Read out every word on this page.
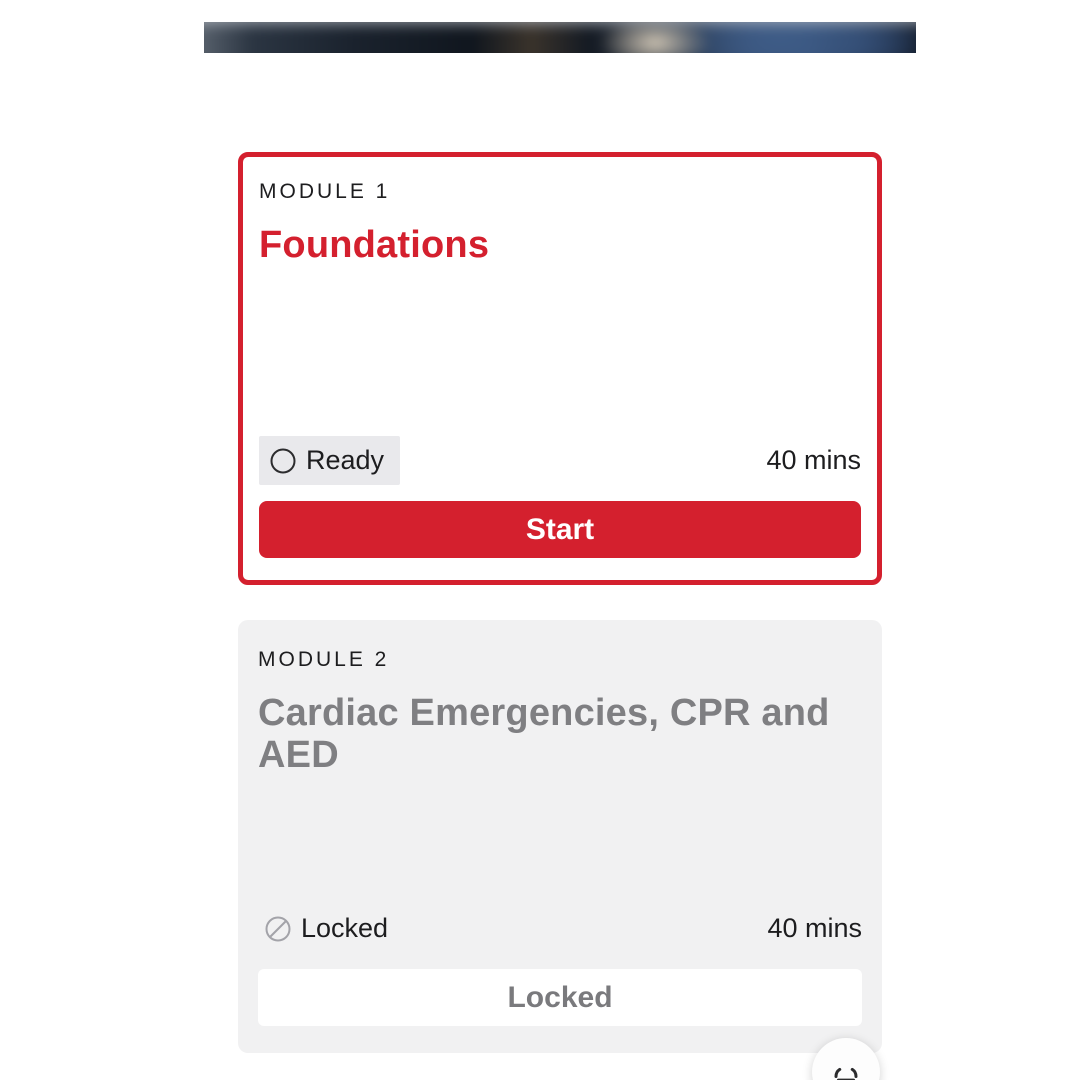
MODULE 1
Foundations
Ready	40 mins
Start
MODULE 2
Cardiac Emergencies, CPR and AED
Locked	40 mins
Locked
